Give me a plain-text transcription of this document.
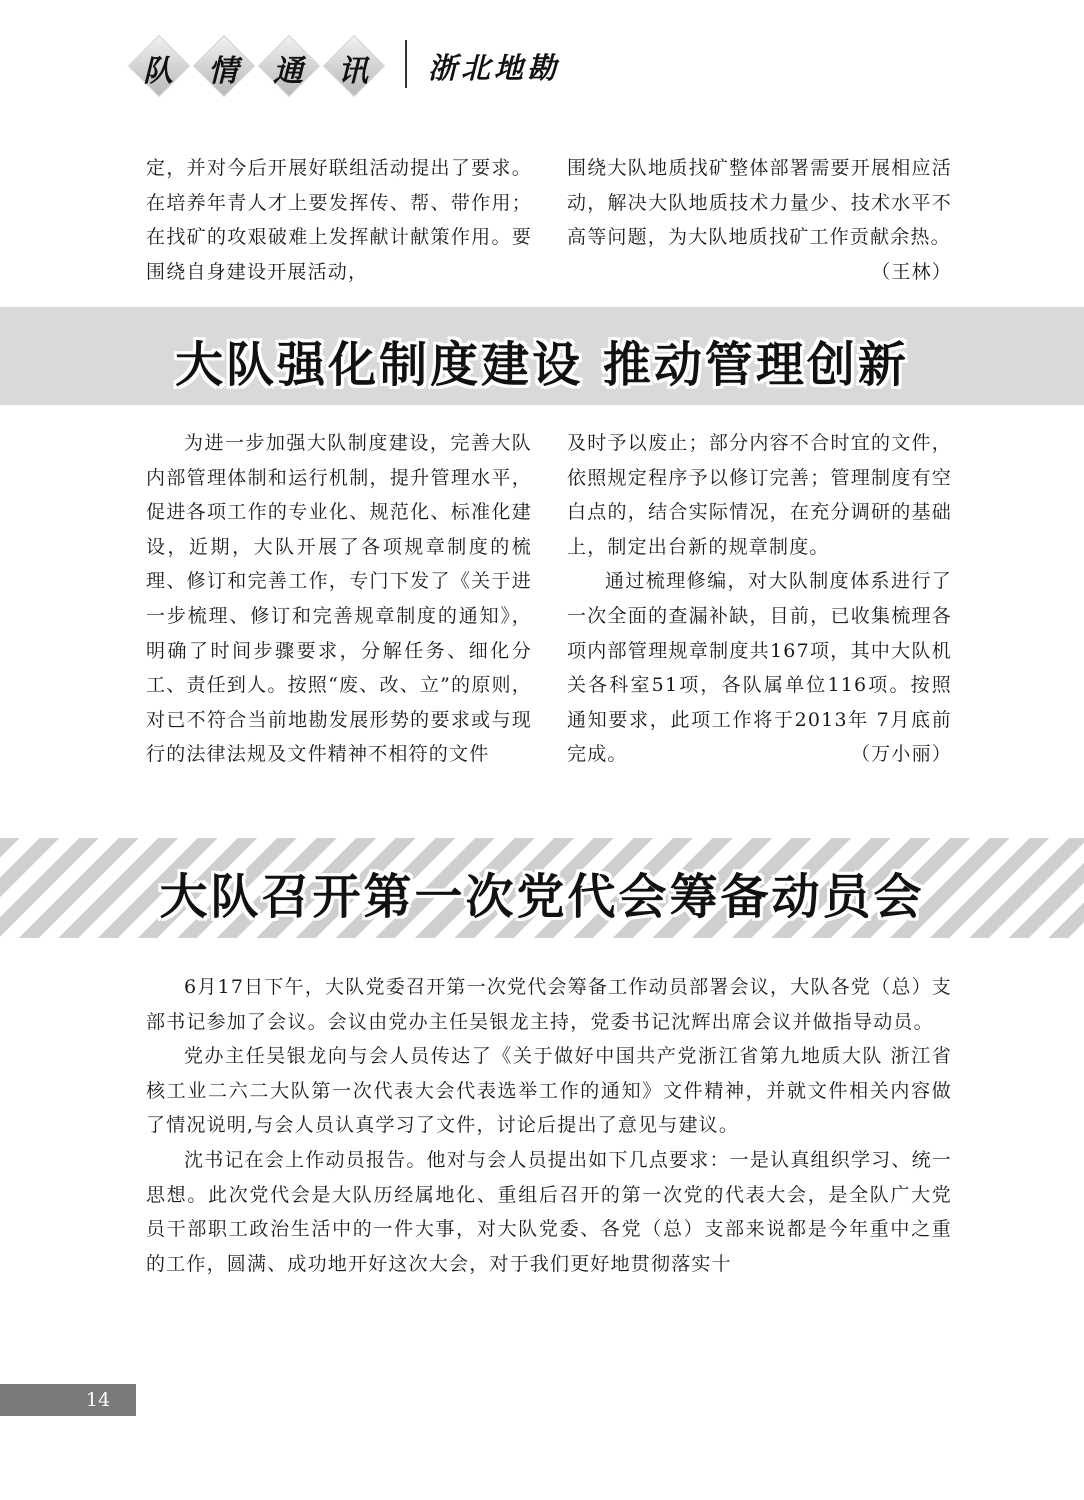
队	情	通	讯	浙北地勘

定，并对今后开展好联组活动提出了要求。在培养年青人才上要发挥传、帮、带作用；在找矿的攻艰破难上发挥献计献策作用。要围绕自身建设开展活动，

围绕大队地质找矿整体部署需要开展相应活动，解决大队地质技术力量少、技术水平不高等问题，为大队地质找矿工作贡献余热。
（王林）

大队强化制度建设 推动管理创新

为进一步加强大队制度建设，完善大队内部管理体制和运行机制，提升管理水平，促进各项工作的专业化、规范化、标准化建设，近期，大队开展了各项规章制度的梳理、修订和完善工作，专门下发了《关于进一步梳理、修订和完善规章制度的通知》，明确了时间步骤要求，分解任务、细化分工、责任到人。按照“废、改、立”的原则，对已不符合当前地勘发展形势的要求或与现行的法律法规及文件精神不相符的文件

及时予以废止；部分内容不合时宜的文件，依照规定程序予以修订完善；管理制度有空白点的，结合实际情况，在充分调研的基础上，制定出台新的规章制度。

通过梳理修编，对大队制度体系进行了一次全面的查漏补缺，目前，已收集梳理各项内部管理规章制度共167项，其中大队机关各科室51项，各队属单位116项。按照通知要求，此项工作将于2013年 7月底前完成。	（万小丽）

大队召开第一次党代会筹备动员会

6月17日下午，大队党委召开第一次党代会筹备工作动员部署会议，大队各党（总）支部书记参加了会议。会议由党办主任吴银龙主持，党委书记沈辉出席会议并做指导动员。

党办主任吴银龙向与会人员传达了《关于做好中国共产党浙江省第九地质大队 浙江省核工业二六二大队第一次代表大会代表选举工作的通知》文件精神，并就文件相关内容做了情况说明,与会人员认真学习了文件，讨论后提出了意见与建议。

沈书记在会上作动员报告。他对与会人员提出如下几点要求：一是认真组织学习、统一思想。此次党代会是大队历经属地化、重组后召开的第一次党的代表大会，是全队广大党员干部职工政治生活中的一件大事，对大队党委、各党（总）支部来说都是今年重中之重的工作，圆满、成功地开好这次大会，对于我们更好地贯彻落实十

14
